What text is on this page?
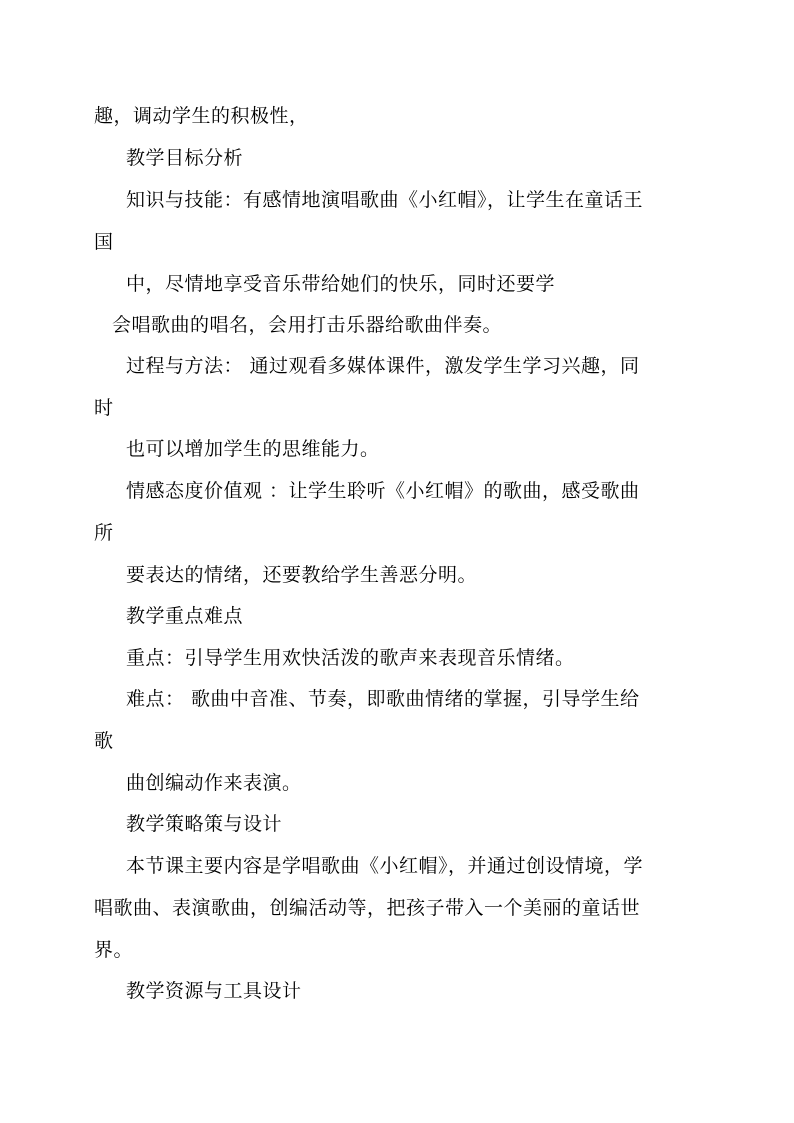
趣，调动学生的积极性，
教学目标分析
知识与技能：有感情地演唱歌曲《小红帽》，让学生在童话王
国
中，尽情地享受音乐带给她们的快乐，同时还要学
会唱歌曲的唱名，会用打击乐器给歌曲伴奏。
过程与方法： 通过观看多媒体课件，激发学生学习兴趣，同
时
也可以增加学生的思维能力。
情感态度价值观 ：让学生聆听《小红帽》的歌曲，感受歌曲
所
要表达的情绪，还要教给学生善恶分明。
教学重点难点
重点：引导学生用欢快活泼的歌声来表现音乐情绪。
难点： 歌曲中音准、节奏，即歌曲情绪的掌握，引导学生给
歌
曲创编动作来表演。
教学策略策与设计
本节课主要内容是学唱歌曲《小红帽》，并通过创设情境，学
唱歌曲、表演歌曲，创编活动等，把孩子带入一个美丽的童话世
界。
教学资源与工具设计
